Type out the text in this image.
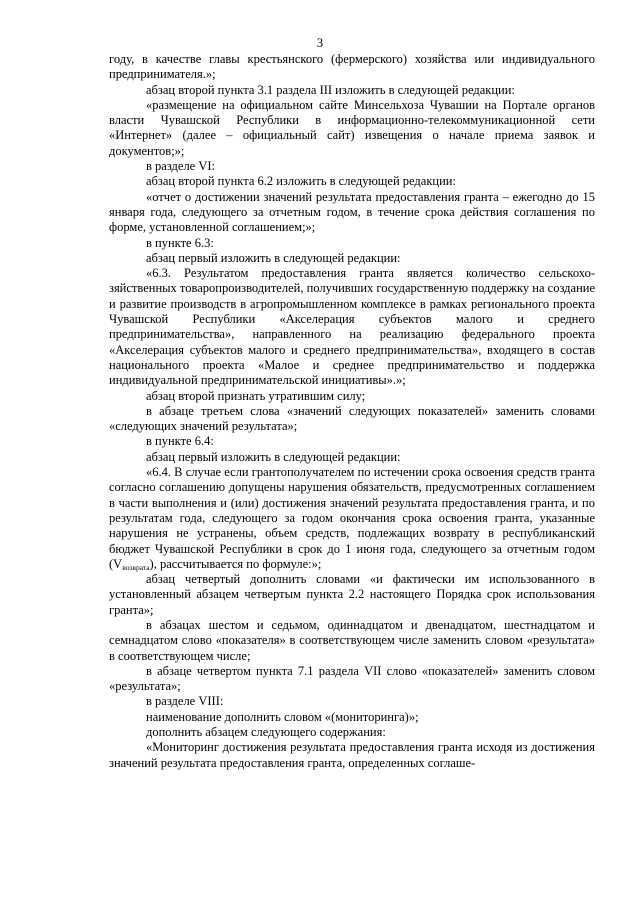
3

году, в качестве главы крестьянского (фермерского) хозяйства или индивидуального предпринимателя.»;

абзац второй пункта 3.1 раздела III изложить в следующей редакции:

«размещение на официальном сайте Минсельхоза Чувашии на Портале органов власти Чувашской Республики в информационно-телекоммуникационной сети «Интернет» (далее – официальный сайт) извещения о начале приема заявок и документов;»;

в разделе VI:

абзац второй пункта 6.2 изложить в следующей редакции:

«отчет о достижении значений результата предоставления гранта – ежегодно до 15 января года, следующего за отчетным годом, в течение срока действия соглашения по форме, установленной соглашением;»;

в пункте 6.3:

абзац первый изложить в следующей редакции:

«6.3. Результатом предоставления гранта является количество сельскохозяйственных товаропроизводителей, получивших государственную поддержку на создание и развитие производств в агропромышленном комплексе в рамках регионального проекта Чувашской Республики «Акселерация субъектов малого и среднего предпринимательства», направленного на реализацию федерального проекта «Акселерация субъектов малого и среднего предпринимательства», входящего в состав национального проекта «Малое и среднее предпринимательство и поддержка индивидуальной предпринимательской инициативы».»;

абзац второй признать утратившим силу;

в абзаце третьем слова «значений следующих показателей» заменить словами «следующих значений результата»;

в пункте 6.4:

абзац первый изложить в следующей редакции:

«6.4. В случае если грантополучателем по истечении срока освоения средств гранта согласно соглашению допущены нарушения обязательств, предусмотренных соглашением в части выполнения и (или) достижения значений результата предоставления гранта, и по результатам года, следующего за годом окончания срока освоения гранта, указанные нарушения не устранены, объем средств, подлежащих возврату в республиканский бюджет Чувашской Республики в срок до 1 июня года, следующего за отчетным годом $(V_{возврата})$, рассчитывается по формуле:»;

абзац четвертый дополнить словами «и фактически им использованного в установленный абзацем четвертым пункта 2.2 настоящего Порядка срок использования гранта»;

в абзацах шестом и седьмом, одиннадцатом и двенадцатом, шестнадцатом и семнадцатом слово «показателя» в соответствующем числе заменить словом «результата» в соответствующем числе;

в абзаце четвертом пункта 7.1 раздела VII слово «показателей» заменить словом «результата»;

в разделе VIII:

наименование дополнить словом «(мониторинга)»;

дополнить абзацем следующего содержания:

«Мониторинг достижения результата предоставления гранта исходя из достижения значений результата предоставления гранта, определенных соглаше-
